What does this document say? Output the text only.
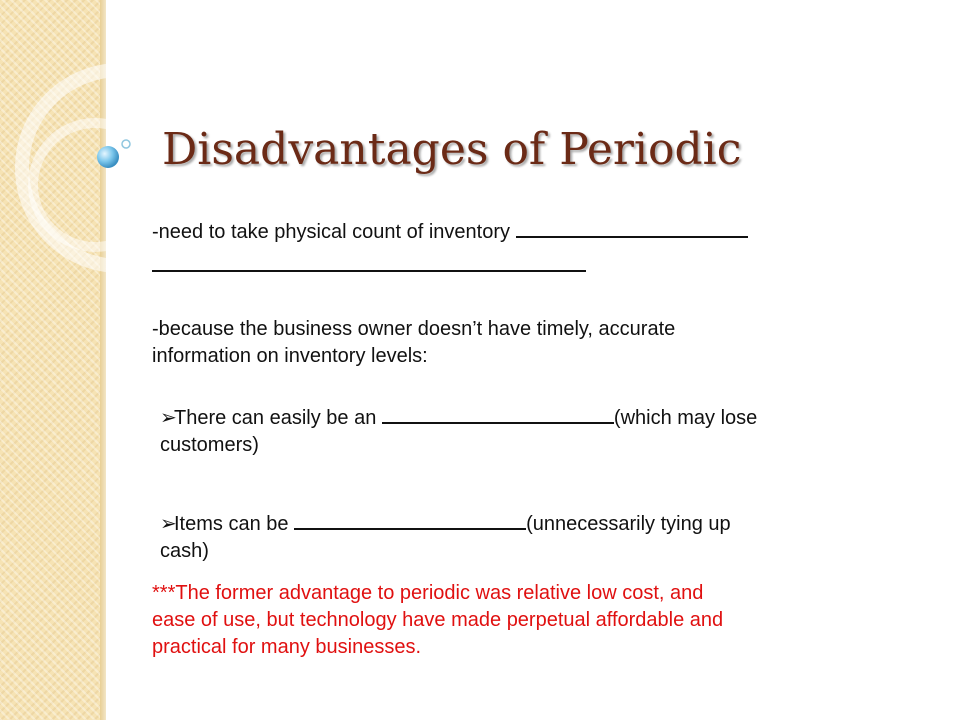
Disadvantages of Periodic

-need to take physical count of inventory

-because the business owner doesn’t have timely, accurate
information on inventory levels:

➢There can easily be an	(which may lose
customers)

➢Items can be	(unnecessarily tying up
cash)

***The former advantage to periodic was relative low cost, and
ease of use, but technology have made perpetual affordable and
practical for many businesses.
